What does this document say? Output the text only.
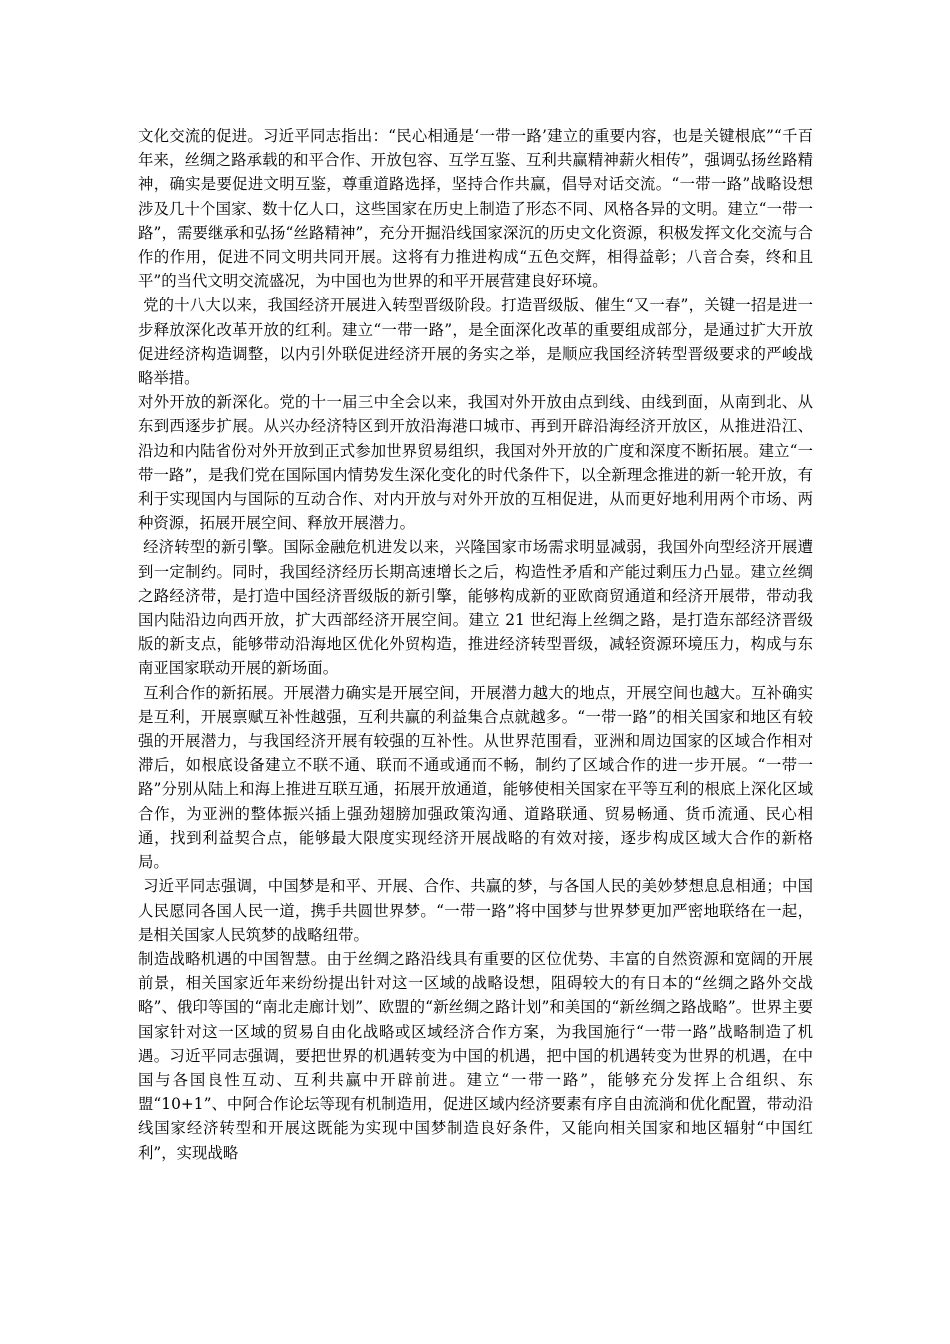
文化交流的促进。习近平同志指出：“民心相通是‘一带一路’建立的重要内容，也是关键根底”“千百年来，丝绸之路承载的和平合作、开放包容、互学互鉴、互利共赢精神薪火相传”，强调弘扬丝路精神，确实是要促进文明互鉴，尊重道路选择，坚持合作共赢，倡导对话交流。“一带一路”战略设想涉及几十个国家、数十亿人口，这些国家在历史上制造了形态不同、风格各异的文明。建立“一带一路”，需要继承和弘扬“丝路精神”，充分开掘沿线国家深沉的历史文化资源，积极发挥文化交流与合作的作用，促进不同文明共同开展。这将有力推进构成“五色交辉，相得益彰；八音合奏，终和且平”的当代文明交流盛况，为中国也为世界的和平开展营建良好环境。

党的十八大以来，我国经济开展进入转型晋级阶段。打造晋级版、催生“又一春”，关键一招是进一步释放深化改革开放的红利。建立“一带一路”，是全面深化改革的重要组成部分，是通过扩大开放促进经济构造调整，以内引外联促进经济开展的务实之举，是顺应我国经济转型晋级要求的严峻战略举措。

对外开放的新深化。党的十一届三中全会以来，我国对外开放由点到线、由线到面，从南到北、从东到西逐步扩展。从兴办经济特区到开放沿海港口城市、再到开辟沿海经济开放区，从推进沿江、沿边和内陆省份对外开放到正式参加世界贸易组织，我国对外开放的广度和深度不断拓展。建立“一带一路”，是我们党在国际国内情势发生深化变化的时代条件下，以全新理念推进的新一轮开放，有利于实现国内与国际的互动合作、对内开放与对外开放的互相促进，从而更好地利用两个市场、两种资源，拓展开展空间、释放开展潜力。

经济转型的新引擎。国际金融危机进发以来，兴隆国家市场需求明显减弱，我国外向型经济开展遭到一定制约。同时，我国经济经历长期高速增长之后，构造性矛盾和产能过剩压力凸显。建立丝绸之路经济带，是打造中国经济晋级版的新引擎，能够构成新的亚欧商贸通道和经济开展带，带动我国内陆沿边向西开放，扩大西部经济开展空间。建立 21 世纪海上丝绸之路，是打造东部经济晋级版的新支点，能够带动沿海地区优化外贸构造，推进经济转型晋级，减轻资源环境压力，构成与东南亚国家联动开展的新场面。

互利合作的新拓展。开展潜力确实是开展空间，开展潜力越大的地点，开展空间也越大。互补确实是互利，开展禀赋互补性越强，互利共赢的利益集合点就越多。“一带一路”的相关国家和地区有较强的开展潜力，与我国经济开展有较强的互补性。从世界范围看，亚洲和周边国家的区域合作相对滞后，如根底设备建立不联不通、联而不通或通而不畅，制约了区域合作的进一步开展。“一带一路”分别从陆上和海上推进互联互通，拓展开放通道，能够使相关国家在平等互利的根底上深化区域合作，为亚洲的整体振兴插上强劲翅膀加强政策沟通、道路联通、贸易畅通、货币流通、民心相通，找到利益契合点，能够最大限度实现经济开展战略的有效对接，逐步构成区域大合作的新格局。

习近平同志强调，中国梦是和平、开展、合作、共赢的梦，与各国人民的美妙梦想息息相通；中国人民愿同各国人民一道，携手共圆世界梦。“一带一路”将中国梦与世界梦更加严密地联络在一起，是相关国家人民筑梦的战略纽带。

制造战略机遇的中国智慧。由于丝绸之路沿线具有重要的区位优势、丰富的自然资源和宽阔的开展前景，相关国家近年来纷纷提出针对这一区域的战略设想，阻碍较大的有日本的“丝绸之路外交战略”、俄印等国的“南北走廊计划”、欧盟的“新丝绸之路计划”和美国的“新丝绸之路战略”。世界主要国家针对这一区域的贸易自由化战略或区域经济合作方案，为我国施行“一带一路”战略制造了机遇。习近平同志强调，要把世界的机遇转变为中国的机遇，把中国的机遇转变为世界的机遇，在中国与各国良性互动、互利共赢中开辟前进。建立“一带一路”，能够充分发挥上合组织、东盟“10+1”、中阿合作论坛等现有机制造用，促进区域内经济要素有序自由流淌和优化配置，带动沿线国家经济转型和开展这既能为实现中国梦制造良好条件，又能向相关国家和地区辐射“中国红利”，实现战略
